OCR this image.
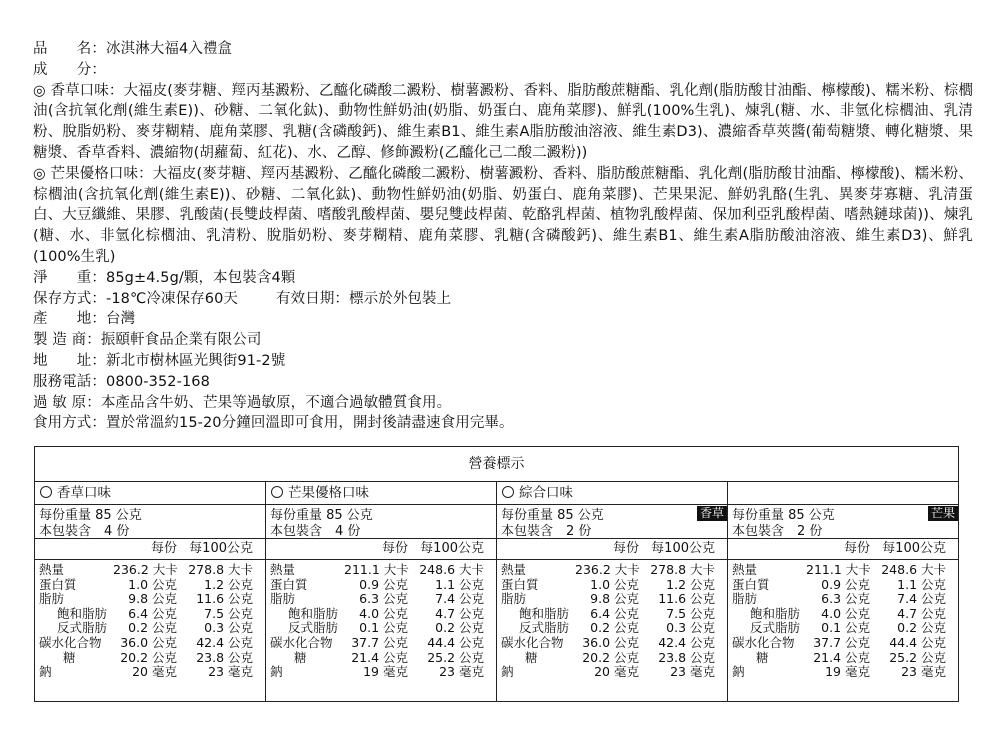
品　　名：冰淇淋大福4入禮盒
成　　分：
◎ 香草口味：大福皮(麥芽糖、羥丙基澱粉、乙醯化磷酸二澱粉、樹薯澱粉、香料、脂肪酸蔗糖酯、乳化劑(脂肪酸甘油酯、檸檬酸)、糯米粉、棕櫚油(含抗氧化劑(維生素E))、砂糖、二氧化鈦)、動物性鮮奶油(奶脂、奶蛋白、鹿角菜膠)、鮮乳(100%生乳)、煉乳(糖、水、非氫化棕櫚油、乳清粉、脫脂奶粉、麥芽糊精、鹿角菜膠、乳糖(含磷酸鈣)、維生素B1、維生素A脂肪酸油溶液、維生素D3)、濃縮香草莢醬(葡萄糖漿、轉化糖漿、果糖漿、香草香料、濃縮物(胡蘿蔔、紅花)、水、乙醇、修飾澱粉(乙醯化己二酸二澱粉))
◎ 芒果優格口味：大福皮(麥芽糖、羥丙基澱粉、乙醯化磷酸二澱粉、樹薯澱粉、香料、脂肪酸蔗糖酯、乳化劑(脂肪酸甘油酯、檸檬酸)、糯米粉、棕櫚油(含抗氧化劑(維生素E))、砂糖、二氧化鈦)、動物性鮮奶油(奶脂、奶蛋白、鹿角菜膠)、芒果果泥、鮮奶乳酪(生乳、異麥芽寡糖、乳清蛋白、大豆纖維、果膠、乳酸菌(長雙歧桿菌、嗜酸乳酸桿菌、嬰兒雙歧桿菌、乾酪乳桿菌、植物乳酸桿菌、保加利亞乳酸桿菌、嗜熱鏈球菌))、煉乳(糖、水、非氫化棕櫚油、乳清粉、脫脂奶粉、麥芽糊精、鹿角菜膠、乳糖(含磷酸鈣)、維生素B1、維生素A脂肪酸油溶液、維生素D3)、鮮乳(100%生乳)
淨　　重：85g±4.5g/顆，本包裝含4顆
保存方式：-18℃冷凍保存60天	有效日期：標示於外包裝上
產　　地：台灣
製 造 商：振頤軒食品企業有限公司
地　　址：新北市樹林區光興街91-2號
服務電話：0800-352-168
過 敏 原：本產品含牛奶、芒果等過敏原，不適合過敏體質食用。
食用方式：置於常溫約15-20分鐘回溫即可食用，開封後請盡速食用完畢。
營養標示
香草口味
每份重量 85 公克
本包裝含　4 份
每份 每100公克
熱量	236.2 大卡 278.8 大卡
蛋白質	1.0 公克	1.2 公克
脂肪	9.8 公克	11.6 公克
飽和脂肪	6.4 公克	7.5 公克
反式脂肪	0.2 公克	0.3 公克
碳水化合物	36.0 公克	42.4 公克
糖	20.2 公克	23.8 公克
鈉	20 毫克	23 毫克
芒果優格口味
每份重量 85 公克
本包裝含　4 份
每份 每100公克
熱量	211.1 大卡 248.6 大卡
蛋白質	0.9 公克	1.1 公克
脂肪	6.3 公克	7.4 公克
飽和脂肪	4.0 公克	4.7 公克
反式脂肪	0.1 公克	0.2 公克
碳水化合物	37.7 公克	44.4 公克
糖	21.4 公克	25.2 公克
鈉	19 毫克	23 毫克
綜合口味
每份重量 85 公克
本包裝含　2 份
香草
每份 每100公克
熱量	236.2 大卡 278.8 大卡
蛋白質	1.0 公克	1.2 公克
脂肪	9.8 公克	11.6 公克
飽和脂肪	6.4 公克	7.5 公克
反式脂肪	0.2 公克	0.3 公克
碳水化合物	36.0 公克	42.4 公克
糖	20.2 公克	23.8 公克
鈉	20 毫克	23 毫克
每份重量 85 公克
本包裝含　2 份
芒果
每份 每100公克
熱量	211.1 大卡 248.6 大卡
蛋白質	0.9 公克	1.1 公克
脂肪	6.3 公克	7.4 公克
飽和脂肪	4.0 公克	4.7 公克
反式脂肪	0.1 公克	0.2 公克
碳水化合物	37.7 公克	44.4 公克
糖	21.4 公克	25.2 公克
鈉	19 毫克	23 毫克
